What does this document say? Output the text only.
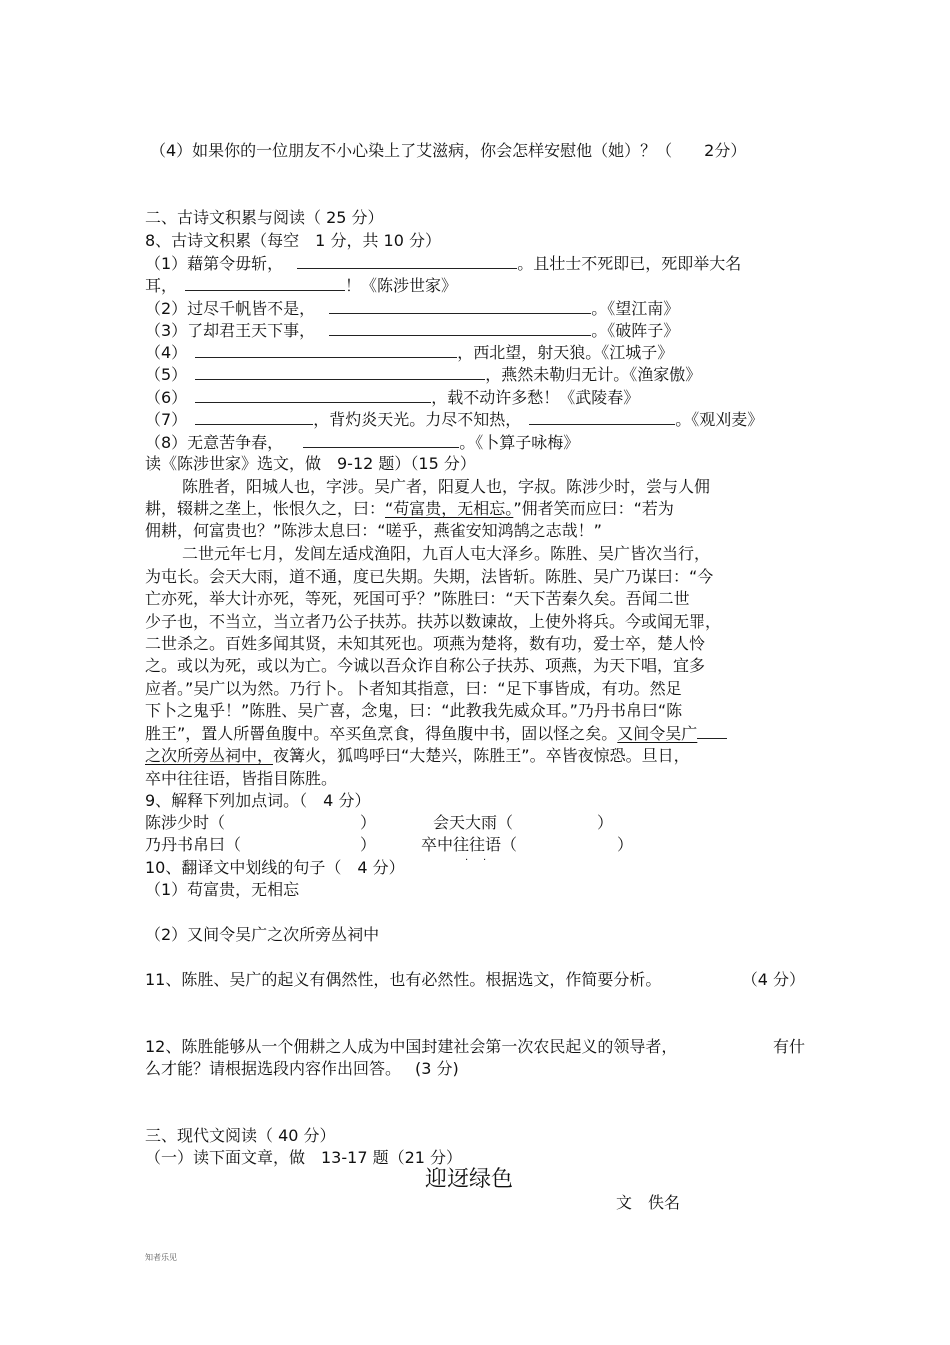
（4）如果你的一位朋友不小心染上了艾滋病，你会怎样安慰他（她）？（　　2分）
二、古诗文积累与阅读（ 25 分）
8、古诗文积累（每空　1 分，共 10 分）
（1）藉第令毋斩，	。且壮士不死即已，死即举大名
耳，	！《陈涉世家》
（2）过尽千帆皆不是，	。《望江南》
（3）了却君王天下事，	。《破阵子》
（4）	，西北望，射天狼。《江城子》
（5）	，燕然未勒归无计。《渔家傲》
（6）	，载不动许多愁！《武陵春》
（7）	，背灼炎天光。力尽不知热，	。《观刈麦》
（8）无意苦争春，	。《卜算子咏梅》
读《陈涉世家》选文，做　9-12 题）（15 分）
陈胜者，阳城人也，字涉。吴广者，阳夏人也，字叔。陈涉少时，尝与人佣
耕，辍耕之垄上，怅恨久之，曰：“苟富贵，无相忘。”佣者笑而应曰：“若为
佣耕，何富贵也？”陈涉太息曰：“嗟乎，燕雀安知鸿鹄之志哉！”
二世元年七月，发闾左适戍渔阳，九百人屯大泽乡。陈胜、吴广皆次当行，
为屯长。会天大雨，道不通，度已失期。失期，法皆斩。陈胜、吴广乃谋曰：“今
亡亦死，举大计亦死，等死，死国可乎？”陈胜曰：“天下苦秦久矣。吾闻二世
少子也，不当立，当立者乃公子扶苏。扶苏以数谏故，上使外将兵。今或闻无罪，
二世杀之。百姓多闻其贤，未知其死也。项燕为楚将，数有功，爱士卒，楚人怜
之。或以为死，或以为亡。今诚以吾众诈自称公子扶苏、项燕，为天下唱，宜多
应者。”吴广以为然。乃行卜。卜者知其指意，曰：“足下事皆成，有功。然足
下卜之鬼乎！”陈胜、吴广喜，念鬼，曰：“此教我先威众耳。”乃丹书帛曰“陈
胜王”，置人所罾鱼腹中。卒买鱼烹食，得鱼腹中书，固以怪之矣。又间令吴广
之次所旁丛祠中，夜篝火，狐鸣呼曰“大楚兴，陈胜王”。卒皆夜惊恐。旦日，
卒中往往语，皆指目陈胜。
9、解释下列加点词。（　4 分）
陈涉少时（	）	会天大雨（	）
乃丹书帛曰（	）	卒中往往语（	）
·
·
10、翻译文中划线的句子（　4 分）
（1）苟富贵，无相忘
（2）又间令吴广之次所旁丛祠中
11、陈胜、吴广的起义有偶然性，也有必然性。根据选文，作简要分析。	（4 分）
12、陈胜能够从一个佣耕之人成为中国封建社会第一次农民起义的领导者，	有什
么才能？请根据选段内容作出回答。 (3 分)
三、现代文阅读（ 40 分）
（一）读下面文章，做　13-17 题（21 分）
迎迓绿色
文　佚名
知者乐见
